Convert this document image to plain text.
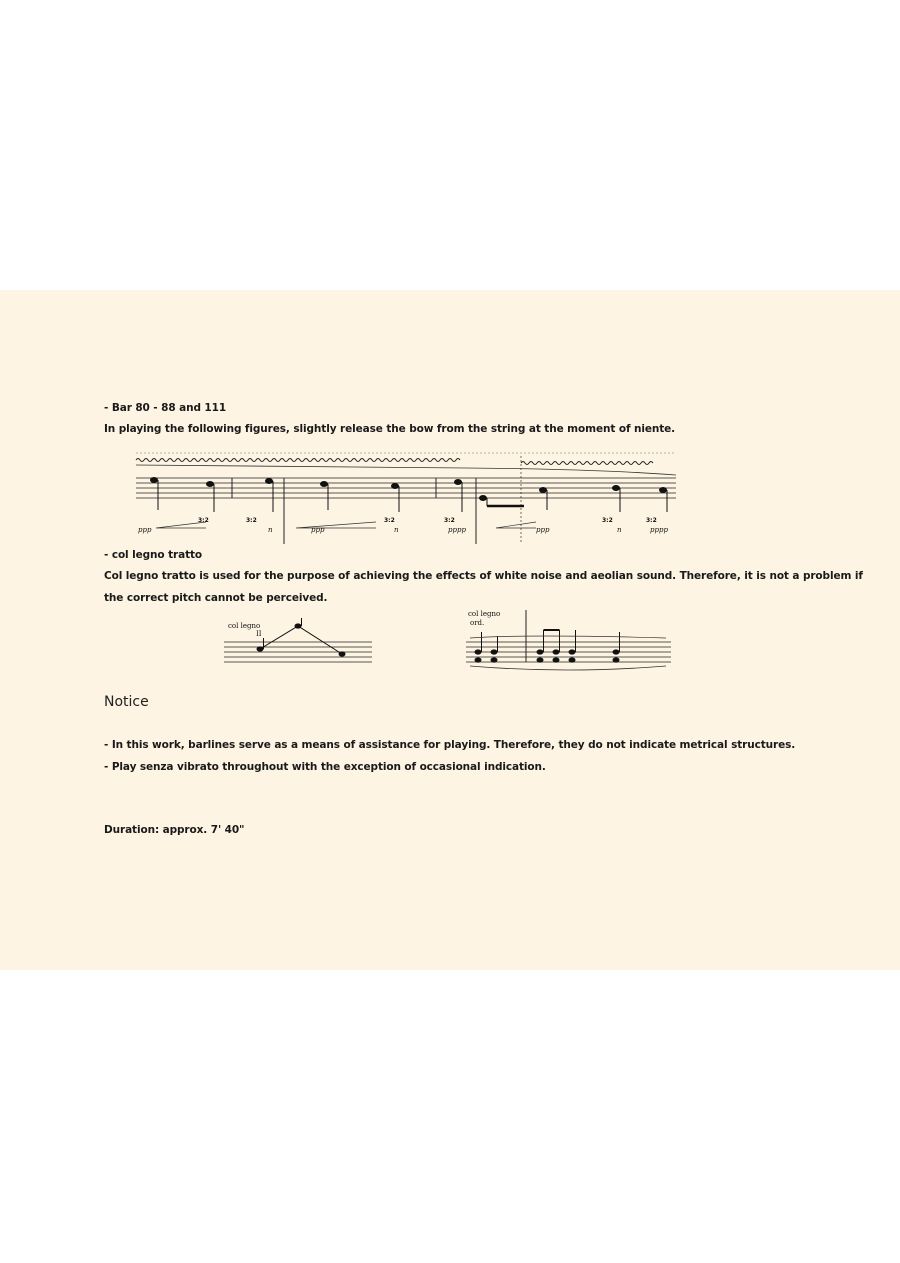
- Bar 80 - 88 and 111
In playing the following figures, slightly release the bow from the string at the moment of niente.
ppp	ppp	pppp	ppp	pppp
n	n	n
3:2	3:2	3:2	3:2	3:2	3:2
- col legno tratto
Col legno tratto is used for the purpose of achieving the effects of white noise and aeolian sound. Therefore, it is not a problem if
the correct pitch cannot be perceived.
col legno
II
col legno
ord.
Notice
- In this work, barlines serve as a means of assistance for playing. Therefore, they do not indicate metrical structures.
- Play senza vibrato throughout with the exception of occasional indication.
Duration: approx. 7' 40"
